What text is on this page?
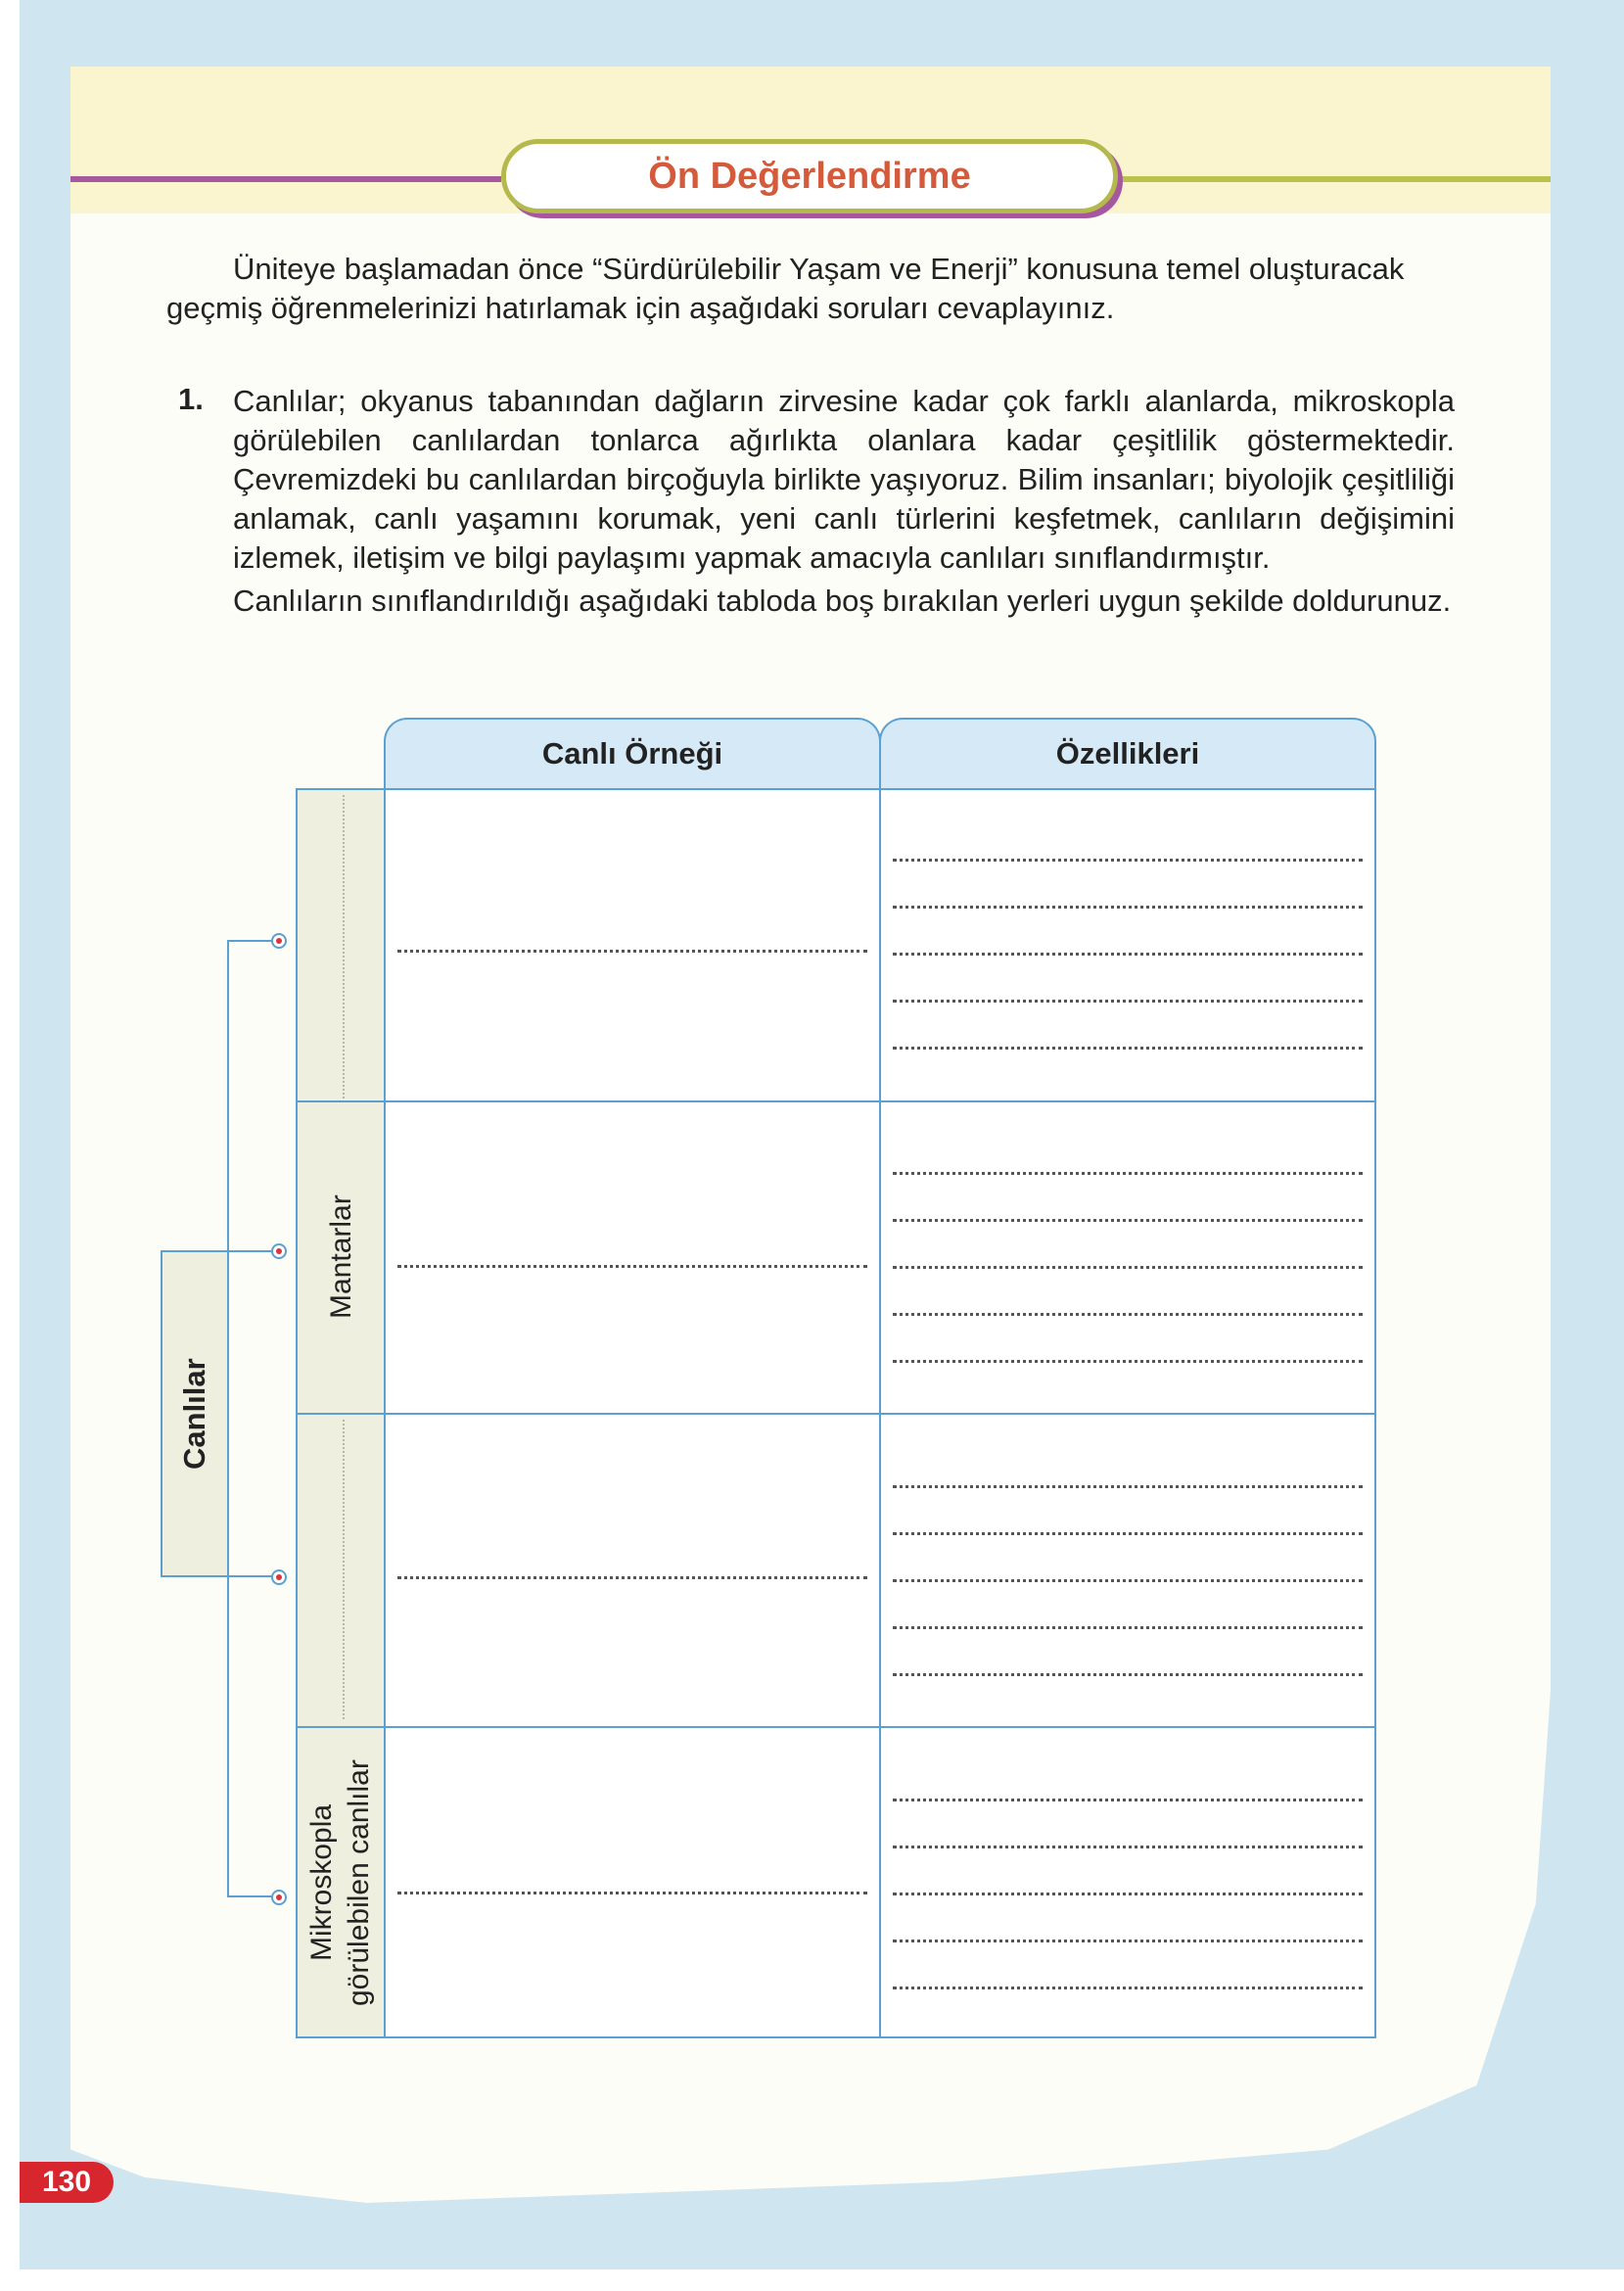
Ön Değerlendirme
Üniteye başlamadan önce “Sürdürülebilir Yaşam ve Enerji” konusuna temel oluşturacak geçmiş öğrenmelerinizi hatırlamak için aşağıdaki soruları cevaplayınız.
1. Canlılar; okyanus tabanından dağların zirvesine kadar çok farklı alanlarda, mikroskopla görülebilen canlılardan tonlarca ağırlıkta olanlara kadar çeşitlilik göstermektedir. Çevremizdeki bu canlılardan birçoğuyla birlikte yaşıyoruz. Bilim insanları; biyolojik çeşitliliği anlamak, canlı yaşamını korumak, yeni canlı türlerini keşfetmek, canlıların değişimini izlemek, iletişim ve bilgi paylaşımı yapmak amacıyla canlıları sınıflandırmıştır.
Canlıların sınıflandırıldığı aşağıdaki tabloda boş bırakılan yerleri uygun şekilde doldurunuz.
Canlı Örneği	Özellikleri
Mantarlar
Mikroskopla görülebilen canlılar
Canlılar
130
